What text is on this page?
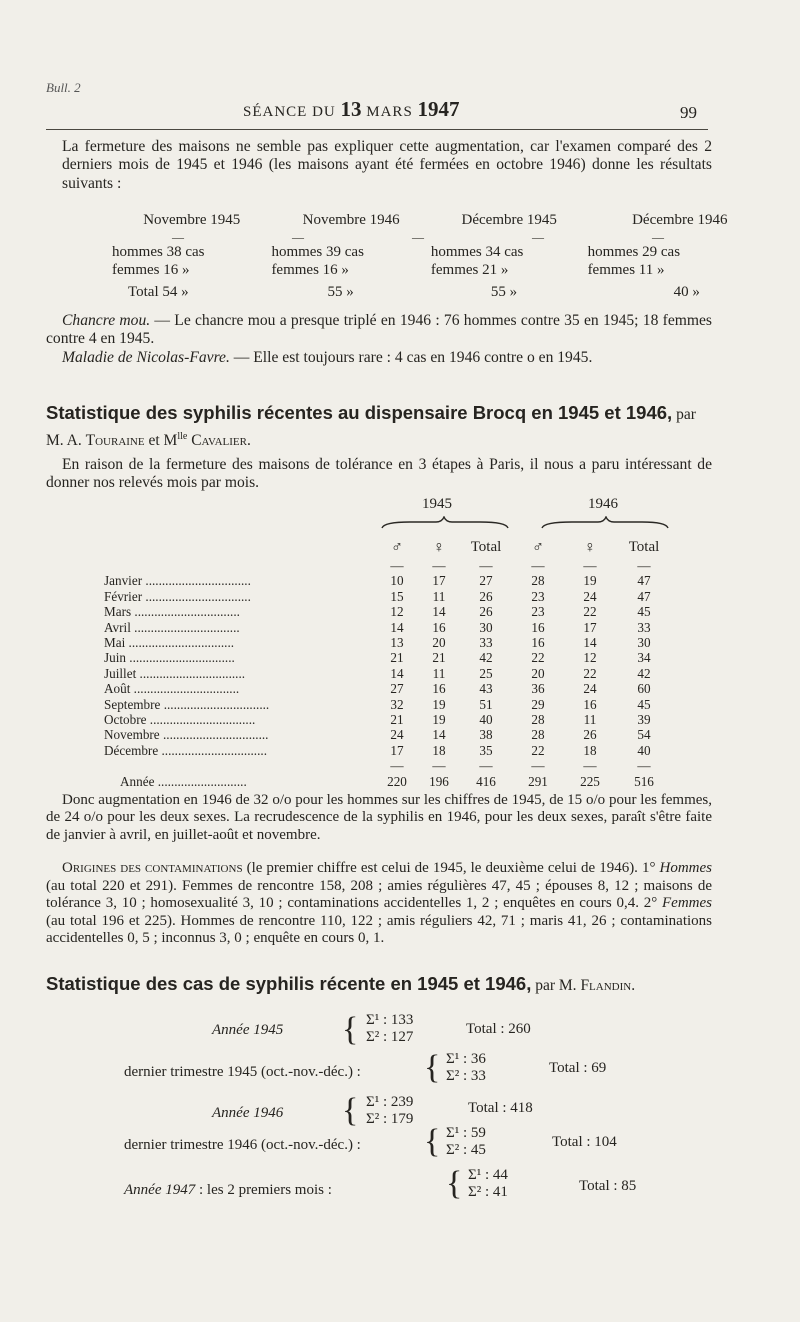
Bull. 2
SÉANCE DU 13 MARS 1947	99

La fermeture des maisons ne semble pas expliquer cette augmentation, car l'examen comparé des 2 derniers mois de 1945 et 1946 (les maisons ayant été fermées en octobre 1946) donne les résultats suivants :

Novembre 1945	Novembre 1946	Décembre 1945	Décembre 1946
—————			
hommes 38 cas	hommes 39 cas	hommes 34 cas	hommes 29 cas
femmes 16 »	femmes 16 »	femmes 21 »	femmes 11 »
Total 54 »	55 »	55 »	40 »

Chancre mou. — Le chancre mou a presque triplé en 1946 : 76 hommes contre 35 en 1945; 18 femmes contre 4 en 1945.

Maladie de Nicolas-Favre. — Elle est toujours rare : 4 cas en 1946 contre o en 1945.

Statistique des syphilis récentes au dispensaire Brocq en 1945 et 1946, par M. A. Touraine et $M^{lle}$ Cavalier.

En raison de la fermeture des maisons de tolérance en 3 étapes à Paris, il nous a paru intéressant de donner nos relevés mois par mois.

1945	1946
	♂	♀	Total	♂	♀	Total
	—	—	—	—	—	—
Janvier ................................	10	17	27	28	19	47
Février ................................	15	11	26	23	24	47
Mars ................................	12	14	26	23	22	45
Avril ................................	14	16	30	16	17	33
Mai ................................	13	20	33	16	14	30
Juin ................................	21	21	42	22	12	34
Juillet ................................	14	11	25	20	22	42
Août ................................	27	16	43	36	24	60
Septembre ................................	32	19	51	29	16	45
Octobre ................................	21	19	40	28	11	39
Novembre ................................	24	14	38	28	26	54
Décembre ................................	17	18	35	22	18	40
	—	—	—	—	—	—
Année ...........................	220	196	416	291	225	516

Donc augmentation en 1946 de 32 o/o pour les hommes sur les chiffres de 1945, de 15 o/o pour les femmes, de 24 o/o pour les deux sexes. La recrudescence de la syphilis en 1946, pour les deux sexes, paraît s'être faite de janvier à avril, en juillet-août et novembre.

Origines des contaminations (le premier chiffre est celui de 1945, le deuxième celui de 1946). 1° Hommes (au total 220 et 291). Femmes de rencontre 158, 208 ; amies régulières 47, 45 ; épouses 8, 12 ; maisons de tolérance 3, 10 ; homosexualité 3, 10 ; contaminations accidentelles 1, 2 ; enquêtes en cours 0,4. 2° Femmes (au total 196 et 225). Hommes de rencontre 110, 122 ; amis réguliers 42, 71 ; maris 41, 26 ; contaminations accidentelles 0, 5 ; inconnus 3, 0 ; enquête en cours 0, 1.

Statistique des cas de syphilis récente en 1945 et 1946, par M. Flandin.
Année 1945 { Σ¹ : 133
Σ² : 127	Total : 260
dernier trimestre 1945 (oct.-nov.-déc.) : { Σ¹ : 36
Σ² : 33	Total : 69
Année 1946 { Σ¹ : 239
Σ² : 179
Total : 418
dernier trimestre 1946 (oct.-nov.-déc.) : { Σ¹ : 59
Σ² : 45	Total : 104
Année 1947 : les 2 premiers mois :	{ Σ¹ : 44
Σ² : 41	Total : 85
